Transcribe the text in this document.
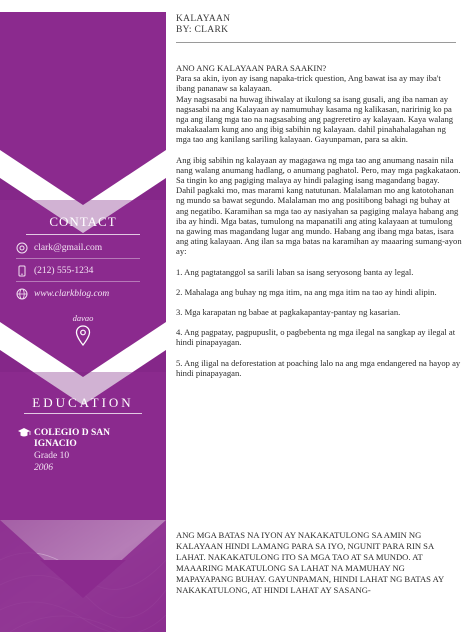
CONTACT
clark@gmail.com
(212) 555-1234
www.clarkblog.com
davao
EDUCATION
COLEGIO D SAN
IGNACIO
Grade 10
2006
KALAYAAN
BY: CLARK

ANO ANG KALAYAAN PARA SAAKIN?

Para sa akin, iyon ay isang napaka-trick question, Ang bawat isa ay may iba't ibang pananaw sa kalayaan.

May nagsasabi na huwag ihiwalay at ikulong sa isang gusali, ang iba naman ay nagsasabi na ang Kalayaan ay namumuhay kasama ng kalikasan, naririnig ko pa nga ang ilang mga tao na nagsasabing ang pagreretiro ay kalayaan. Kaya walang makakaalam kung ano ang ibig sabihin ng kalayaan. dahil pinahahalagahan ng mga tao ang kanilang sariling kalayaan. Gayunpaman, para sa akin.

Ang ibig sabihin ng kalayaan ay magagawa ng mga tao ang anumang nasain nila nang walang anumang hadlang, o anumang paghatol. Pero, may mga pagkakataon. Sa tingin ko ang pagiging malaya ay hindi palaging isang magandang bagay.

Dahil pagkaki mo, mas marami kang natutunan. Malalaman mo ang katotohanan ng mundo sa bawat segundo. Malalaman mo ang positibong bahagi ng buhay at ang negatibo. Karamihan sa mga tao ay nasiyahan sa pagiging malaya habang ang iba ay hindi. Mga batas, tumulong na mapanatili ang ating kalayaan at tumulong na gawing mas magandang lugar ang mundo. Habang ang ibang mga batas, isara ang ating kalayaan. Ang ilan sa mga batas na karamihan ay maaaring sumang-ayon ay:

1. Ang pagtatanggol sa sarili laban sa isang seryosong banta ay legal.

2. Mahalaga ang buhay ng mga itim, na ang mga itim na tao ay hindi alipin.

3. Mga karapatan ng babae at pagkakapantay-pantay ng kasarian.

4. Ang pagpatay, pagpupuslit, o pagbebenta ng mga ilegal na sangkap ay ilegal at hindi pinapayagan.

5. Ang iligal na deforestation at poaching lalo na ang mga endangered na hayop ay hindi pinapayagan.

ANG MGA BATAS NA IYON AY NAKAKATULONG SA AMIN NG KALAYAAN HINDI LAMANG PARA SA IYO, NGUNIT PARA RIN SA LAHAT. NAKAKATULONG ITO SA MGA TAO AT SA MUNDO. AT MAAARING MAKATULONG SA LAHAT NA MAMUHAY NG MAPAYAPANG BUHAY. GAYUNPAMAN, HINDI LAHAT NG BATAS AY NAKAKATULONG, AT HINDI LAHAT AY SASANG-
